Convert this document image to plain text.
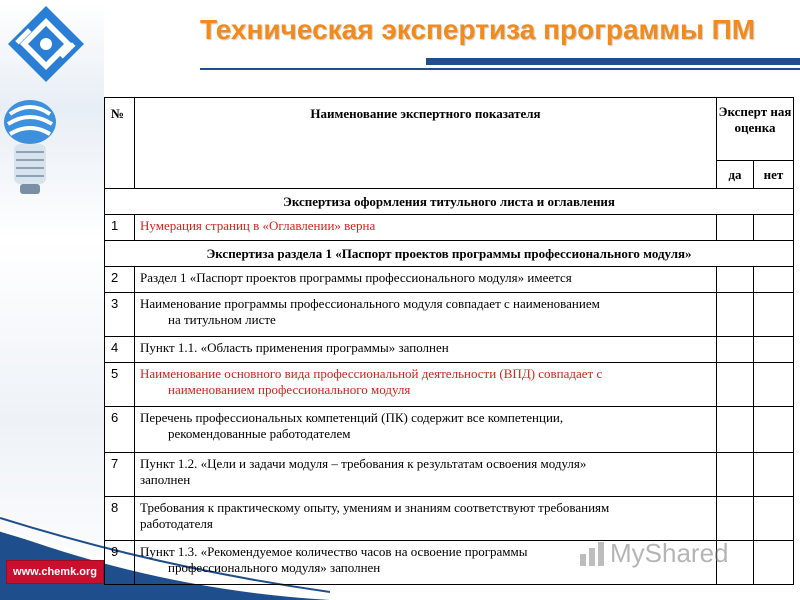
www.chemk.org
Техническая экспертиза программы ПМ
№	Наименование экспертного показателя	Эксперт ная оценка	
		да	нет
Экспертиза оформления титульного листа и оглавления			
1	Нумерация страниц в «Оглавлении» верна		
Экспертиза раздела 1 «Паспорт проектов программы профессионального модуля»			
2	Раздел 1 «Паспорт проектов программы профессионального модуля» имеется		
3	Наименование программы профессионального модуля совпадает с наименованием
на титульном листе		

4	Пункт 1.1. «Область применения программы» заполнен		
5	Наименование основного вида профессиональной деятельности (ВПД) совпадает с
наименованием профессионального модуля		

6	Перечень профессиональных компетенций (ПК) содержит все компетенции,
рекомендованные работодателем		

7	Пункт 1.2. «Цели и задачи модуля – требования к результатам освоения модуля»
заполнен		

8	Требования к практическому опыту, умениям и знаниям соответствуют требованиям
работодателя		

9	Пункт 1.3. «Рекомендуемое количество часов на освоение программы
профессионального модуля» заполнен		
			MyShared
